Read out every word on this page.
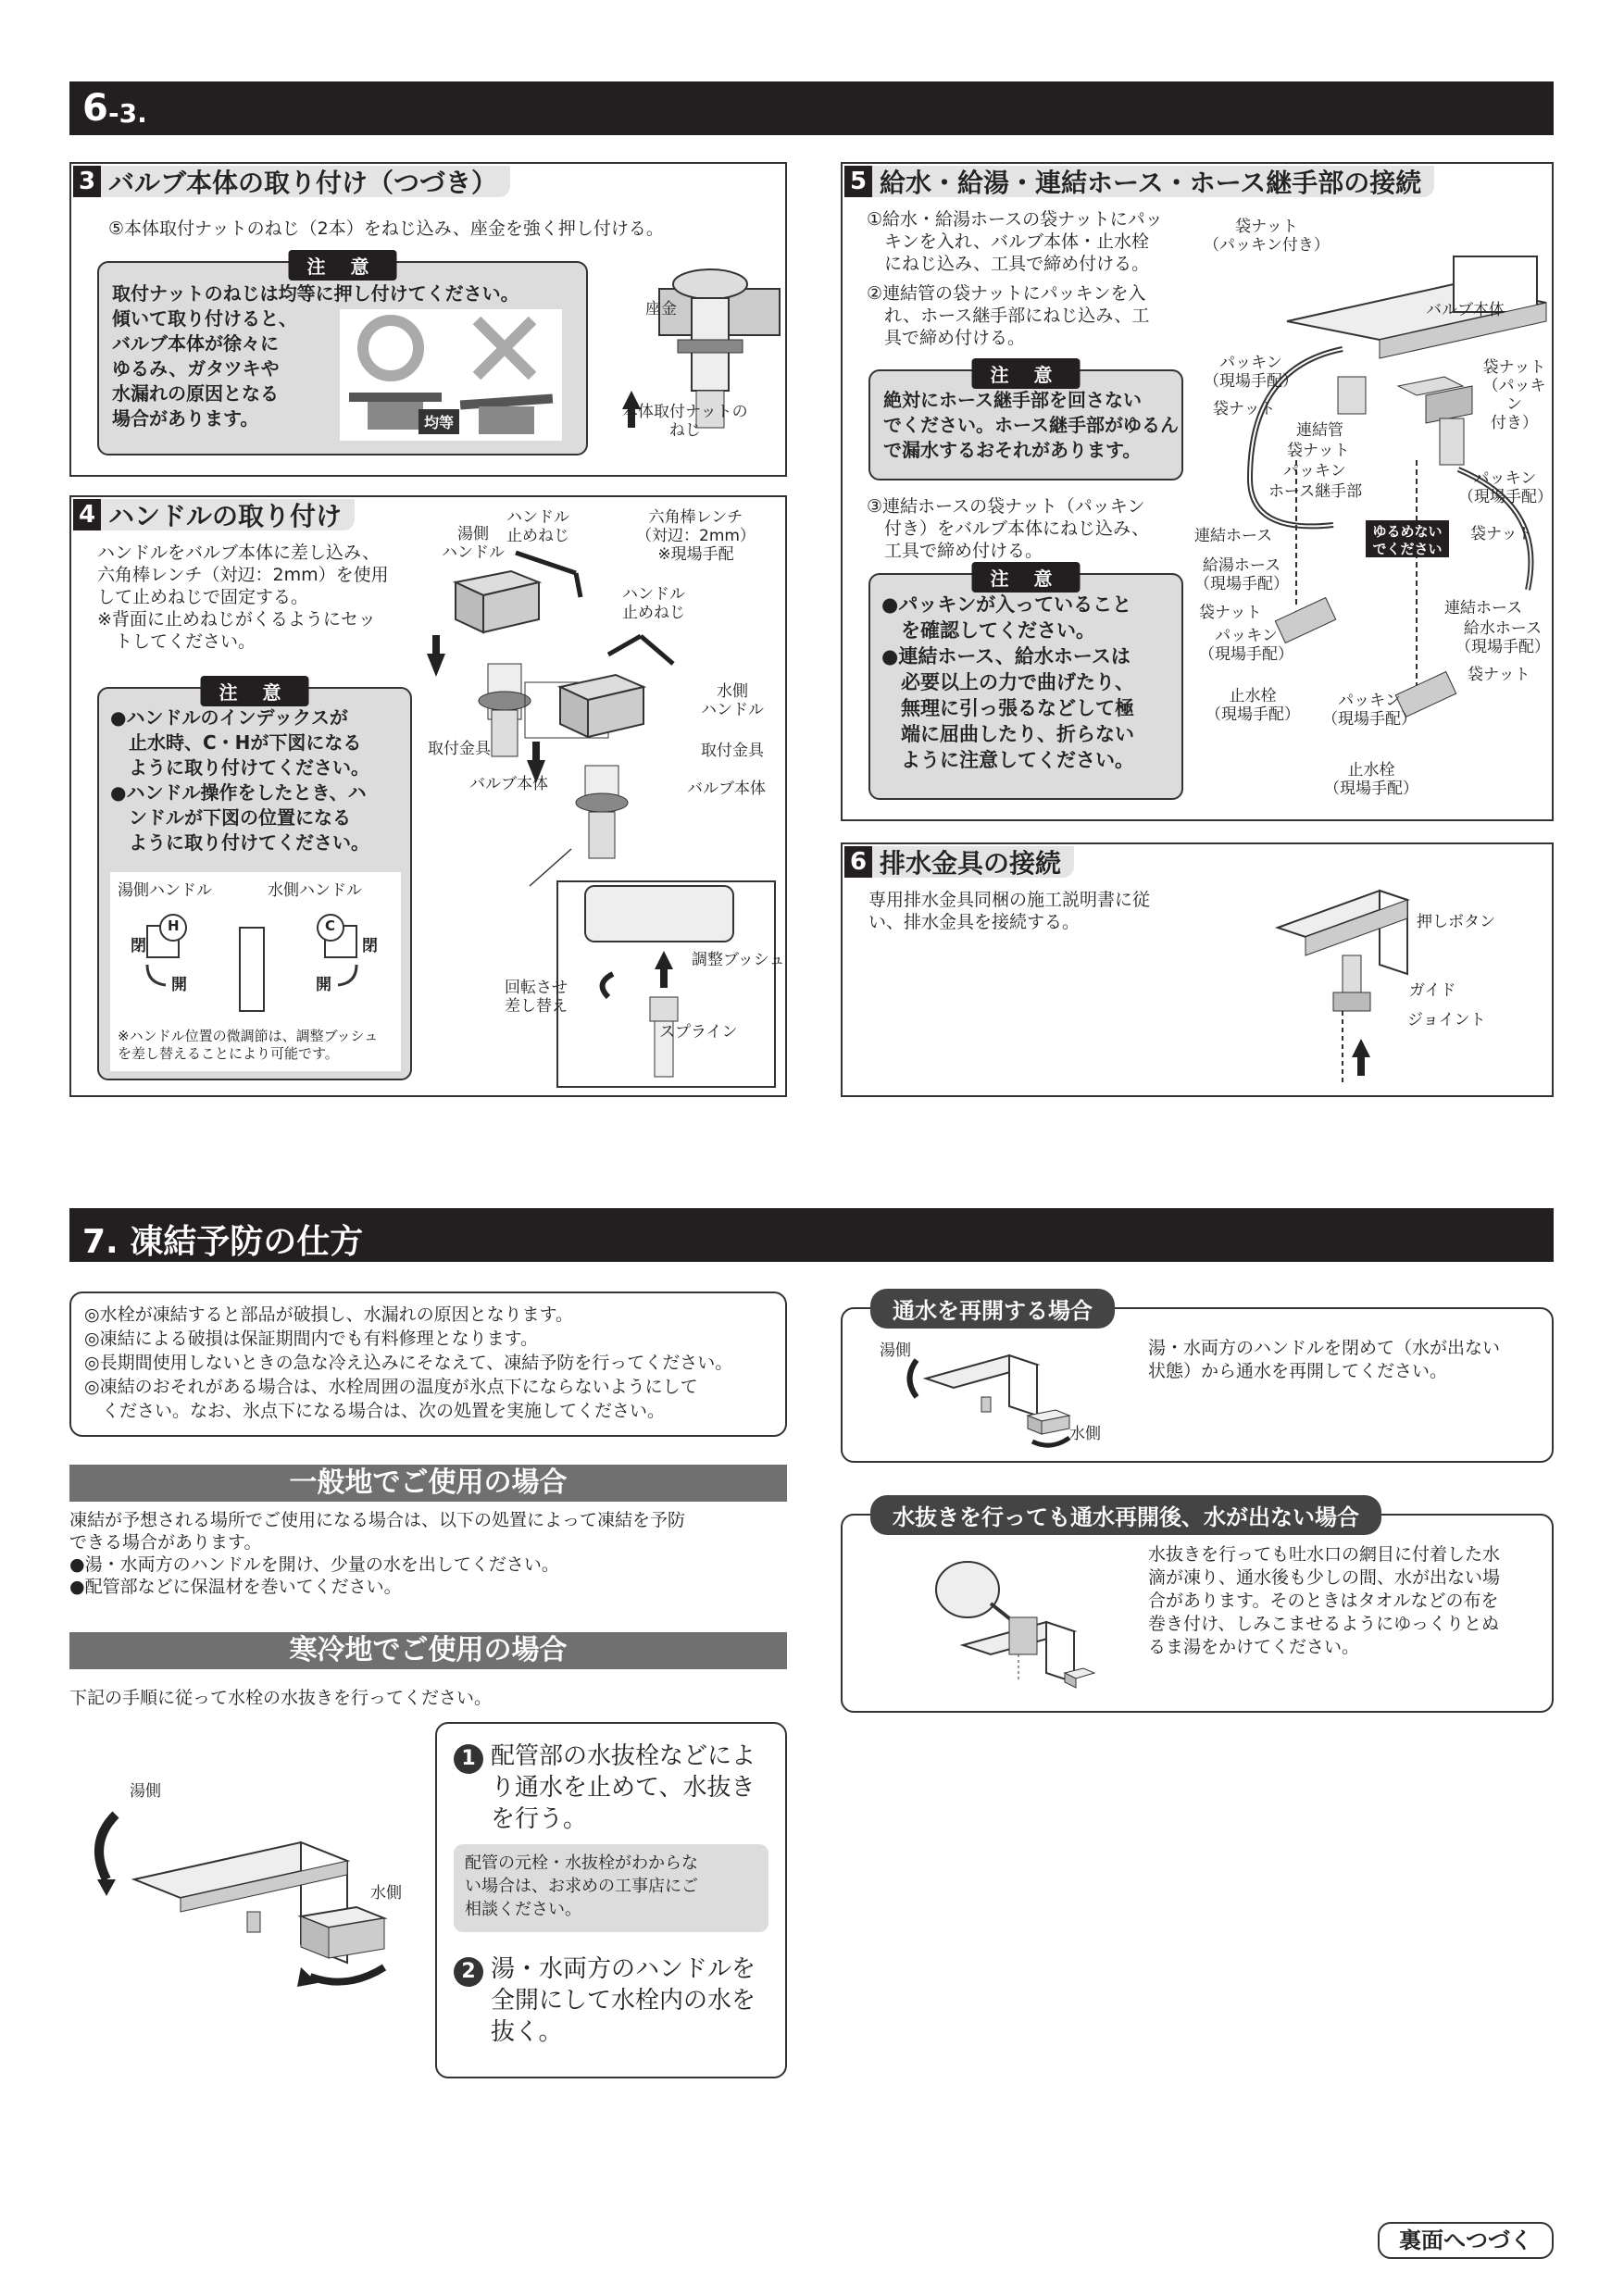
6 -3.
3 バルブ本体の取り付け（つづき）
⑤本体取付ナットのねじ（2本）をねじ込み、座金を強く押し付ける。
注 意
取付ナットのねじは均等に押し付けてください。
傾いて取り付けると、
バルブ本体が徐々に
ゆるみ、ガタツキや
水漏れの原因となる
場合があります。	均等
座金
本体取付ナットの
ねじ
4 ハンドルの取り付け
ハンドルをバルブ本体に差し込み、
六角棒レンチ（対辺：2mm）を使用
して止めねじで固定する。
※背面に止めねじがくるようにセッ
　トしてください。
注 意
●ハンドルのインデックスが
　止水時、C・Hが下図になる
　ように取り付けてください。
●ハンドル操作をしたとき、ハ
　ンドルが下図の位置になる
　ように取り付けてください。
湯側ハンドル	水側ハンドル
H	C
閉
開
閉
開
※ハンドル位置の微調節は、調整ブッシュ
を差し替えることにより可能です。
湯側
ハンドル
ハンドル
止めねじ
六角棒レンチ
（対辺：2mm）
※現場手配
ハンドル
止めねじ
水側
ハンドル
取付金具	取付金具
バルブ本体	バルブ本体
調整ブッシュ
回転させ
差し替え
スプライン
5 給水・給湯・連結ホース・ホース継手部の接続
①給水・給湯ホースの袋ナットにパッ
　キンを入れ、バルブ本体・止水栓
　にねじ込み、工具で締め付ける。
②連結管の袋ナットにパッキンを入
　れ、ホース継手部にねじ込み、工
　具で締め付ける。
注 意
絶対にホース継手部を回さない
でください。ホース継手部がゆるん
で漏水するおそれがあります。
③連結ホースの袋ナット（パッキン
　付き）をバルブ本体にねじ込み、
　工具で締め付ける。
注 意
●パッキンが入っていること
　を確認してください。
●連結ホース、給水ホースは
　必要以上の力で曲げたり、
　無理に引っ張るなどして極
　端に屈曲したり、折らない
　ように注意してください。
ゆるめない
でください
袋ナット
（パッキン付き）
バルブ本体
袋ナット
（パッキン
付き）
パッキン
（現場手配）
袋ナット
連結管
袋ナット
パッキン
ホース継手部
パッキン
（現場手配）
袋ナット
連結ホース
給湯ホース
（現場手配）
袋ナット
パッキン
（現場手配）
止水栓
（現場手配）
パッキン
（現場手配）
止水栓
（現場手配）
連結ホース
給水ホース
（現場手配）
袋ナット
6 排水金具の接続
専用排水金具同梱の施工説明書に従
い、排水金具を接続する。	押しボタン
ガイド
ジョイント
7. 凍結予防の仕方
◎水栓が凍結すると部品が破損し、水漏れの原因となります。
◎凍結による破損は保証期間内でも有料修理となります。
◎長期間使用しないときの急な冷え込みにそなえて、凍結予防を行ってください。
◎凍結のおそれがある場合は、水栓周囲の温度が氷点下にならないようにして
　ください。なお、氷点下になる場合は、次の処置を実施してください。
一般地でご使用の場合
凍結が予想される場所でご使用になる場合は、以下の処置によって凍結を予防
できる場合があります。
●湯・水両方のハンドルを開け、少量の水を出してください。
●配管部などに保温材を巻いてください。
寒冷地でご使用の場合
下記の手順に従って水栓の水抜きを行ってください。
湯側
水側
1 配管部の水抜栓などによ
り通水を止めて、水抜き
を行う。
配管の元栓・水抜栓がわからな
い場合は、お求めの工事店にご
相談ください。
2 湯・水両方のハンドルを
全開にして水栓内の水を
抜く。
通水を再開する場合
湯側
水側
湯・水両方のハンドルを閉めて（水が出ない
状態）から通水を再開してください。
水抜きを行っても通水再開後、水が出ない場合
水抜きを行っても吐水口の網目に付着した水
滴が凍り、通水後も少しの間、水が出ない場
合があります。そのときはタオルなどの布を
巻き付け、しみこませるようにゆっくりとぬ
るま湯をかけてください。
裏面へつづく
